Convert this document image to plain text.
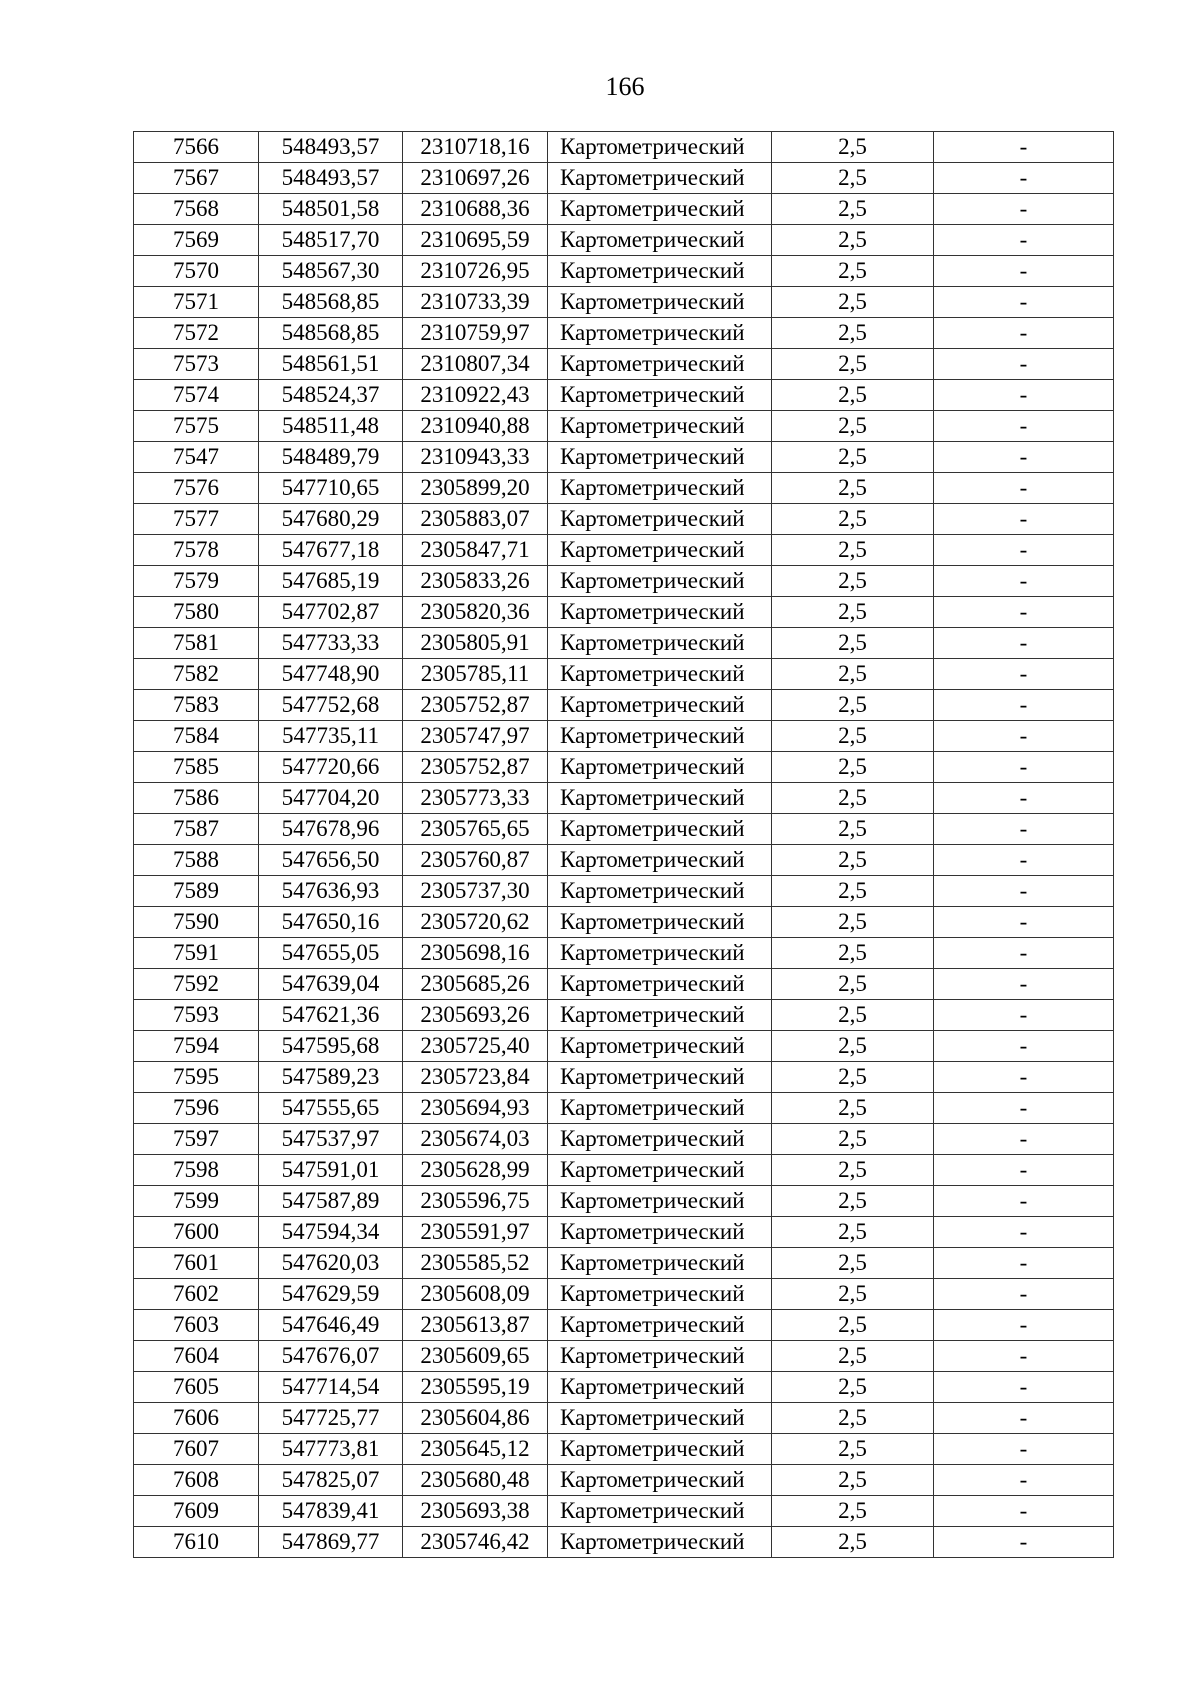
166
7566	548493,57	2310718,16	Картометрический	2,5	-
7567	548493,57	2310697,26	Картометрический	2,5	-
7568	548501,58	2310688,36	Картометрический	2,5	-
7569	548517,70	2310695,59	Картометрический	2,5	-
7570	548567,30	2310726,95	Картометрический	2,5	-
7571	548568,85	2310733,39	Картометрический	2,5	-
7572	548568,85	2310759,97	Картометрический	2,5	-
7573	548561,51	2310807,34	Картометрический	2,5	-
7574	548524,37	2310922,43	Картометрический	2,5	-
7575	548511,48	2310940,88	Картометрический	2,5	-
7547	548489,79	2310943,33	Картометрический	2,5	-
7576	547710,65	2305899,20	Картометрический	2,5	-
7577	547680,29	2305883,07	Картометрический	2,5	-
7578	547677,18	2305847,71	Картометрический	2,5	-
7579	547685,19	2305833,26	Картометрический	2,5	-
7580	547702,87	2305820,36	Картометрический	2,5	-
7581	547733,33	2305805,91	Картометрический	2,5	-
7582	547748,90	2305785,11	Картометрический	2,5	-
7583	547752,68	2305752,87	Картометрический	2,5	-
7584	547735,11	2305747,97	Картометрический	2,5	-
7585	547720,66	2305752,87	Картометрический	2,5	-
7586	547704,20	2305773,33	Картометрический	2,5	-
7587	547678,96	2305765,65	Картометрический	2,5	-
7588	547656,50	2305760,87	Картометрический	2,5	-
7589	547636,93	2305737,30	Картометрический	2,5	-
7590	547650,16	2305720,62	Картометрический	2,5	-
7591	547655,05	2305698,16	Картометрический	2,5	-
7592	547639,04	2305685,26	Картометрический	2,5	-
7593	547621,36	2305693,26	Картометрический	2,5	-
7594	547595,68	2305725,40	Картометрический	2,5	-
7595	547589,23	2305723,84	Картометрический	2,5	-
7596	547555,65	2305694,93	Картометрический	2,5	-
7597	547537,97	2305674,03	Картометрический	2,5	-
7598	547591,01	2305628,99	Картометрический	2,5	-
7599	547587,89	2305596,75	Картометрический	2,5	-
7600	547594,34	2305591,97	Картометрический	2,5	-
7601	547620,03	2305585,52	Картометрический	2,5	-
7602	547629,59	2305608,09	Картометрический	2,5	-
7603	547646,49	2305613,87	Картометрический	2,5	-
7604	547676,07	2305609,65	Картометрический	2,5	-
7605	547714,54	2305595,19	Картометрический	2,5	-
7606	547725,77	2305604,86	Картометрический	2,5	-
7607	547773,81	2305645,12	Картометрический	2,5	-
7608	547825,07	2305680,48	Картометрический	2,5	-
7609	547839,41	2305693,38	Картометрический	2,5	-
7610	547869,77	2305746,42	Картометрический	2,5	-
